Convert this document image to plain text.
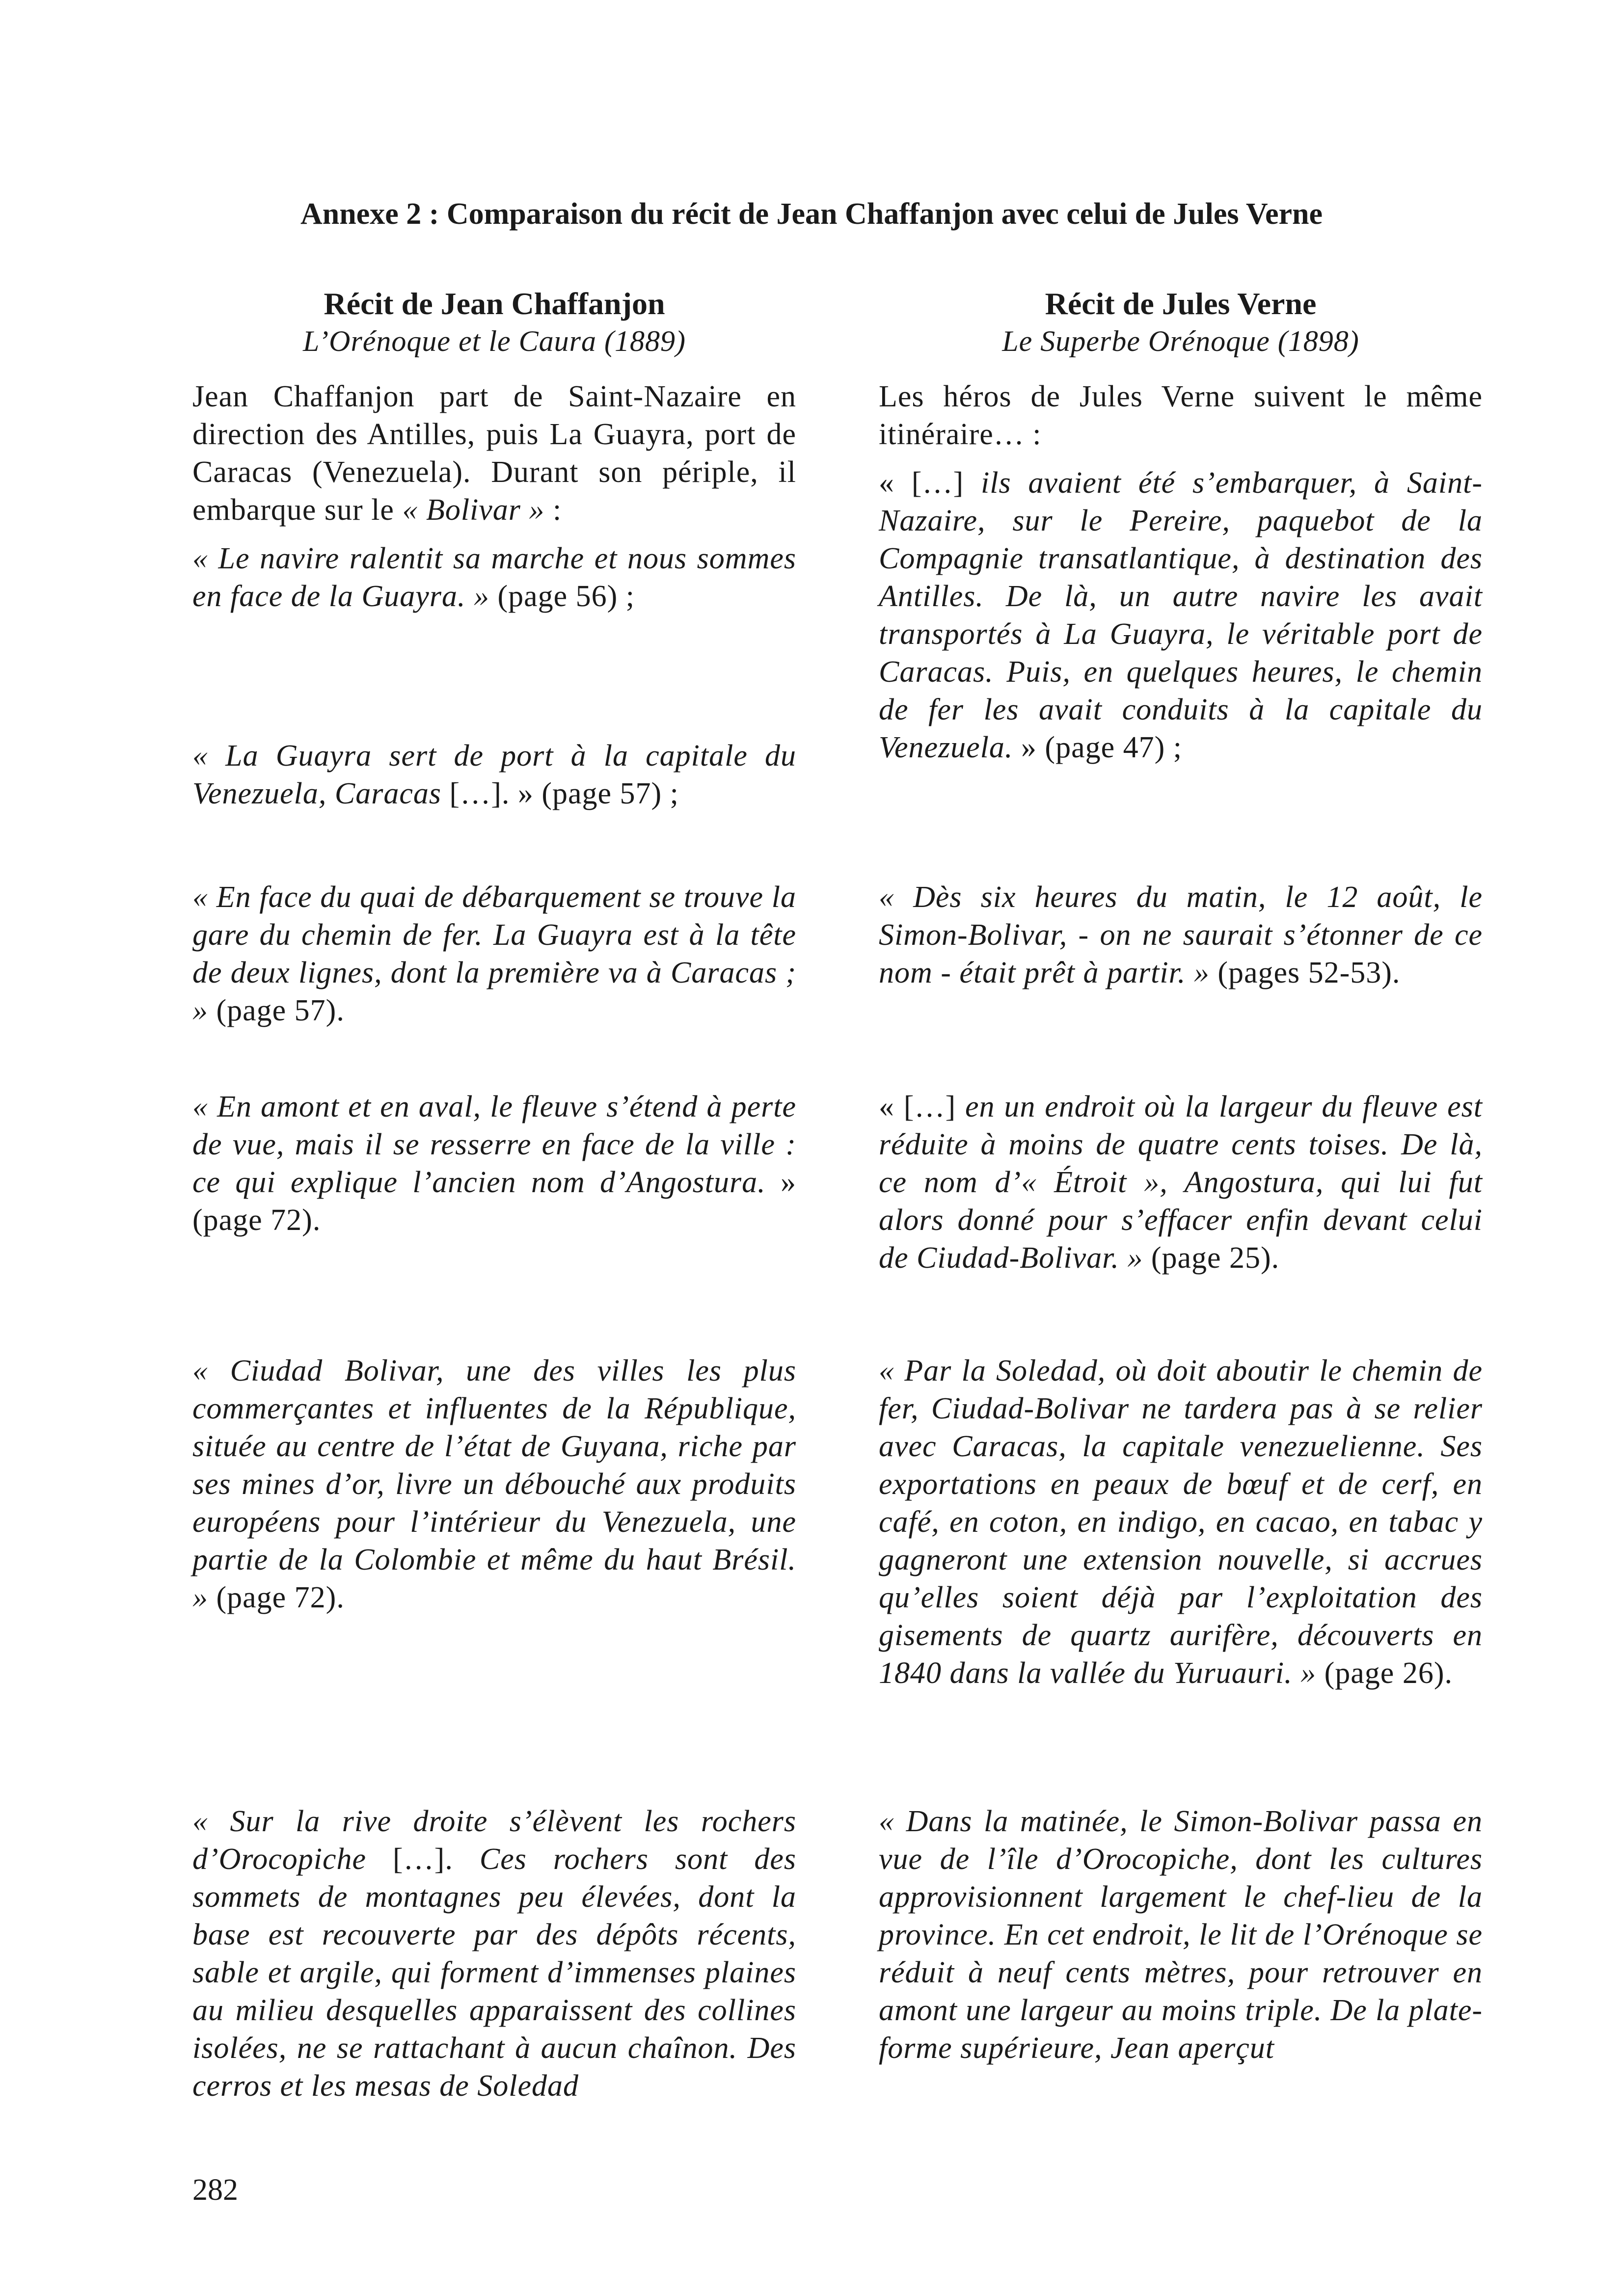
Annexe 2 : Comparaison du récit de Jean Chaffanjon avec celui de Jules Verne
Récit de Jean Chaffanjon
L’Orénoque et le Caura (1889)

Jean Chaffanjon part de Saint-Nazaire en direction des Antilles, puis La Guayra, port de Caracas (Venezuela). Durant son périple, il embarque sur le « Bolivar » :

« Le navire ralentit sa marche et nous sommes en face de la Guayra. » (page 56) ;

« La Guayra sert de port à la capitale du Venezuela, Caracas […]. » (page 57) ;

« En face du quai de débarquement se trouve la gare du chemin de fer. La Guayra est à la tête de deux lignes, dont la première va à Caracas ; » (page 57).

« En amont et en aval, le fleuve s’étend à perte de vue, mais il se resserre en face de la ville : ce qui explique l’ancien nom d’Angostura. » (page 72).

« Ciudad Bolivar, une des villes les plus commerçantes et influentes de la République, située au centre de l’état de Guyana, riche par ses mines d’or, livre un débouché aux produits européens pour l’intérieur du Venezuela, une partie de la Colombie et même du haut Brésil. » (page 72).

« Sur la rive droite s’élèvent les rochers d’Orocopiche […]. Ces rochers sont des sommets de montagnes peu élevées, dont la base est recouverte par des dépôts récents, sable et argile, qui forment d’immenses plaines au milieu desquelles apparaissent des collines isolées, ne se rattachant à aucun chaînon. Des cerros et les mesas de Soledad

Récit de Jules Verne
Le Superbe Orénoque (1898)

Les héros de Jules Verne suivent le même itinéraire… :

« […] ils avaient été s’embarquer, à Saint-Nazaire, sur le Pereire, paquebot de la Compagnie transatlantique, à destination des Antilles. De là, un autre navire les avait transportés à La Guayra, le véritable port de Caracas. Puis, en quelques heures, le chemin de fer les avait conduits à la capitale du Venezuela. » (page 47) ;

« Dès six heures du matin, le 12 août, le Simon-Bolivar, - on ne saurait s’étonner de ce nom - était prêt à partir. » (pages 52-53).

« […] en un endroit où la largeur du fleuve est réduite à moins de quatre cents toises. De là, ce nom d’« Étroit », Angostura, qui lui fut alors donné pour s’effacer enfin devant celui de Ciudad-Bolivar. » (page 25).

« Par la Soledad, où doit aboutir le chemin de fer, Ciudad-Bolivar ne tardera pas à se relier avec Caracas, la capitale venezuelienne. Ses exportations en peaux de bœuf et de cerf, en café, en coton, en indigo, en cacao, en tabac y gagneront une extension nouvelle, si accrues qu’elles soient déjà par l’exploitation des gisements de quartz aurifère, découverts en 1840 dans la vallée du Yuruauri. » (page 26).

« Dans la matinée, le Simon-Bolivar passa en vue de l’île d’Orocopiche, dont les cultures approvisionnent largement le chef-lieu de la province. En cet endroit, le lit de l’Orénoque se réduit à neuf cents mètres, pour retrouver en amont une largeur au moins triple. De la plate-forme supérieure, Jean aperçut

282
